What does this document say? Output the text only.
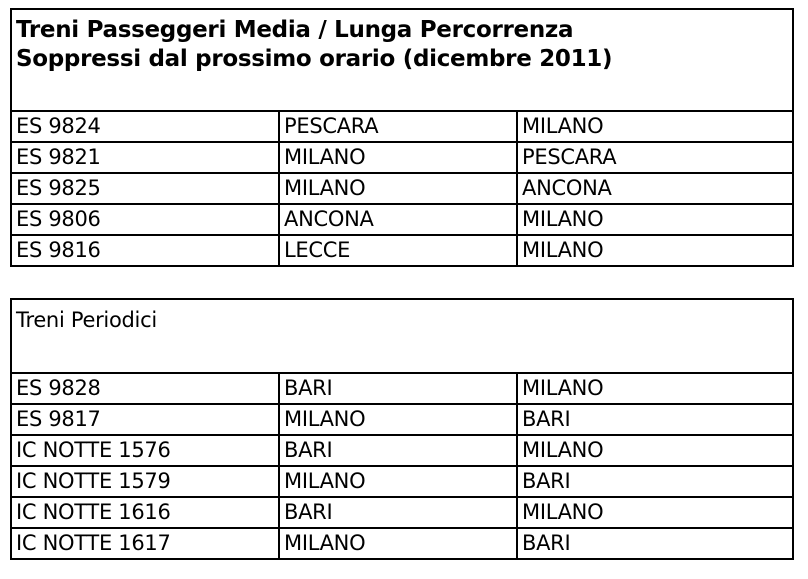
Treni Passeggeri Media / Lunga Percorrenza
Soppressi dal prossimo orario (dicembre 2011)		

ES 9824	PESCARA	MILANO
ES 9821	MILANO	PESCARA
ES 9825	MILANO	ANCONA
ES 9806	ANCONA	MILANO
ES 9816	LECCE	MILANO
Treni Periodici		
ES 9828	BARI	MILANO
ES 9817	MILANO	BARI
IC NOTTE 1576	BARI	MILANO
IC NOTTE 1579	MILANO	BARI
IC NOTTE 1616	BARI	MILANO
IC NOTTE 1617	MILANO	BARI
